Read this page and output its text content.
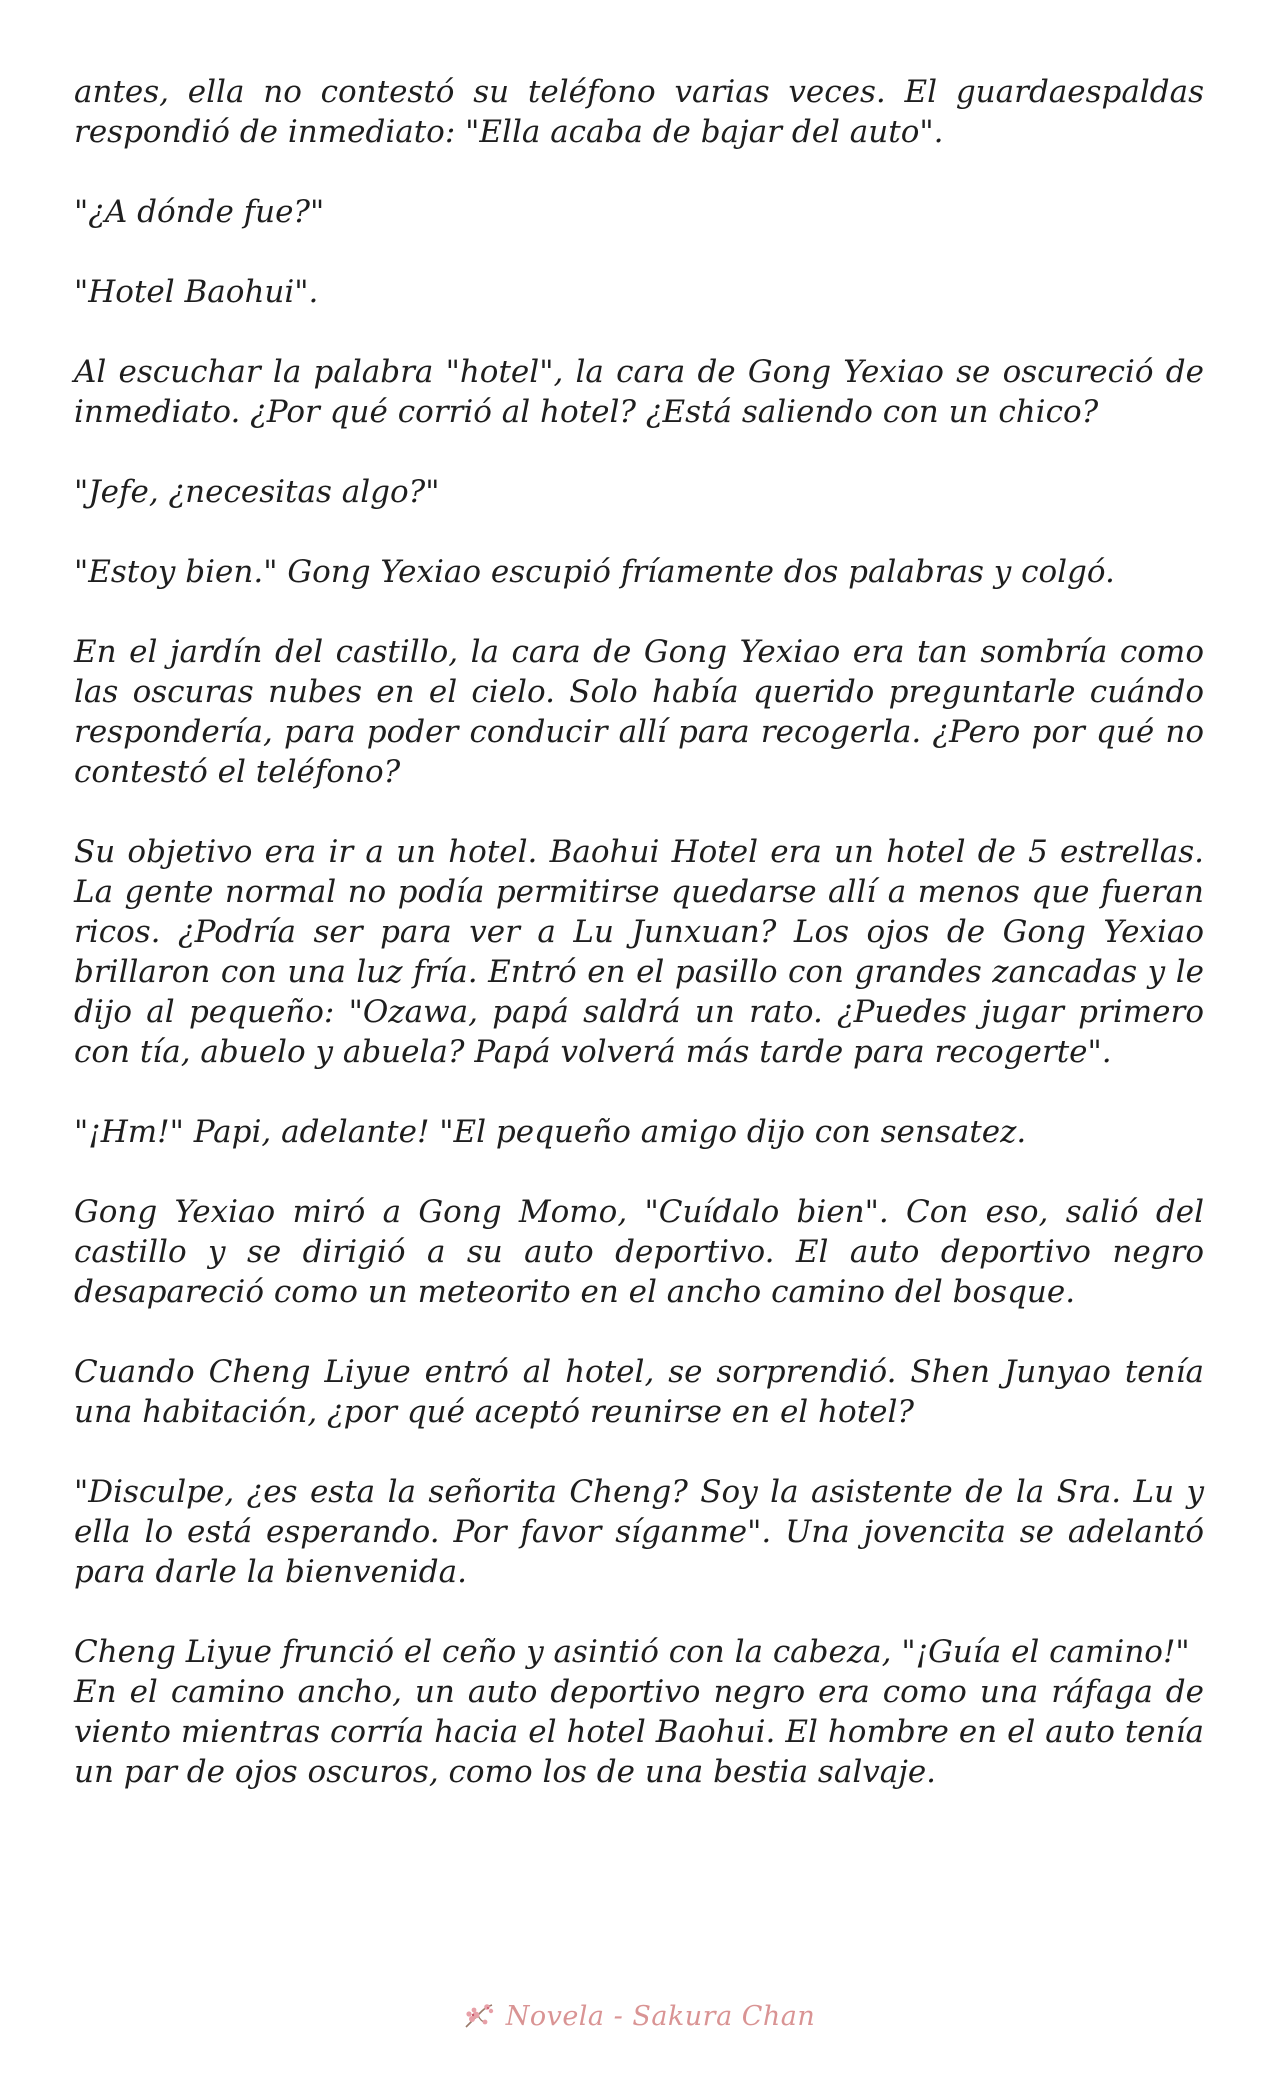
antes, ella no contestó su teléfono varias veces. El guardaespaldas respondió de inmediato: "Ella acaba de bajar del auto".

"¿A dónde fue?"

"Hotel Baohui".

Al escuchar la palabra "hotel", la cara de Gong Yexiao se oscureció de inmediato. ¿Por qué corrió al hotel? ¿Está saliendo con un chico?

"Jefe, ¿necesitas algo?"

"Estoy bien." Gong Yexiao escupió fríamente dos palabras y colgó.

En el jardín del castillo, la cara de Gong Yexiao era tan sombría como las oscuras nubes en el cielo. Solo había querido preguntarle cuándo respondería, para poder conducir allí para recogerla. ¿Pero por qué no contestó el teléfono?

Su objetivo era ir a un hotel. Baohui Hotel era un hotel de 5 estrellas. La gente normal no podía permitirse quedarse allí a menos que fueran ricos. ¿Podría ser para ver a Lu Junxuan? Los ojos de Gong Yexiao brillaron con una luz fría. Entró en el pasillo con grandes zancadas y le dijo al pequeño: "Ozawa, papá saldrá un rato. ¿Puedes jugar primero con tía, abuelo y abuela? Papá volverá más tarde para recogerte".

"¡Hm!" Papi, adelante! "El pequeño amigo dijo con sensatez.

Gong Yexiao miró a Gong Momo, "Cuídalo bien". Con eso, salió del castillo y se dirigió a su auto deportivo. El auto deportivo negro desapareció como un meteorito en el ancho camino del bosque.

Cuando Cheng Liyue entró al hotel, se sorprendió. Shen Junyao tenía una habitación, ¿por qué aceptó reunirse en el hotel?

"Disculpe, ¿es esta la señorita Cheng? Soy la asistente de la Sra. Lu y ella lo está esperando. Por favor síganme". Una jovencita se adelantó para darle la bienvenida.

Cheng Liyue frunció el ceño y asintió con la cabeza, "¡Guía el camino!"

En el camino ancho, un auto deportivo negro era como una ráfaga de viento mientras corría hacia el hotel Baohui. El hombre en el auto tenía un par de ojos oscuros, como los de una bestia salvaje.

Novela - Sakura Chan
